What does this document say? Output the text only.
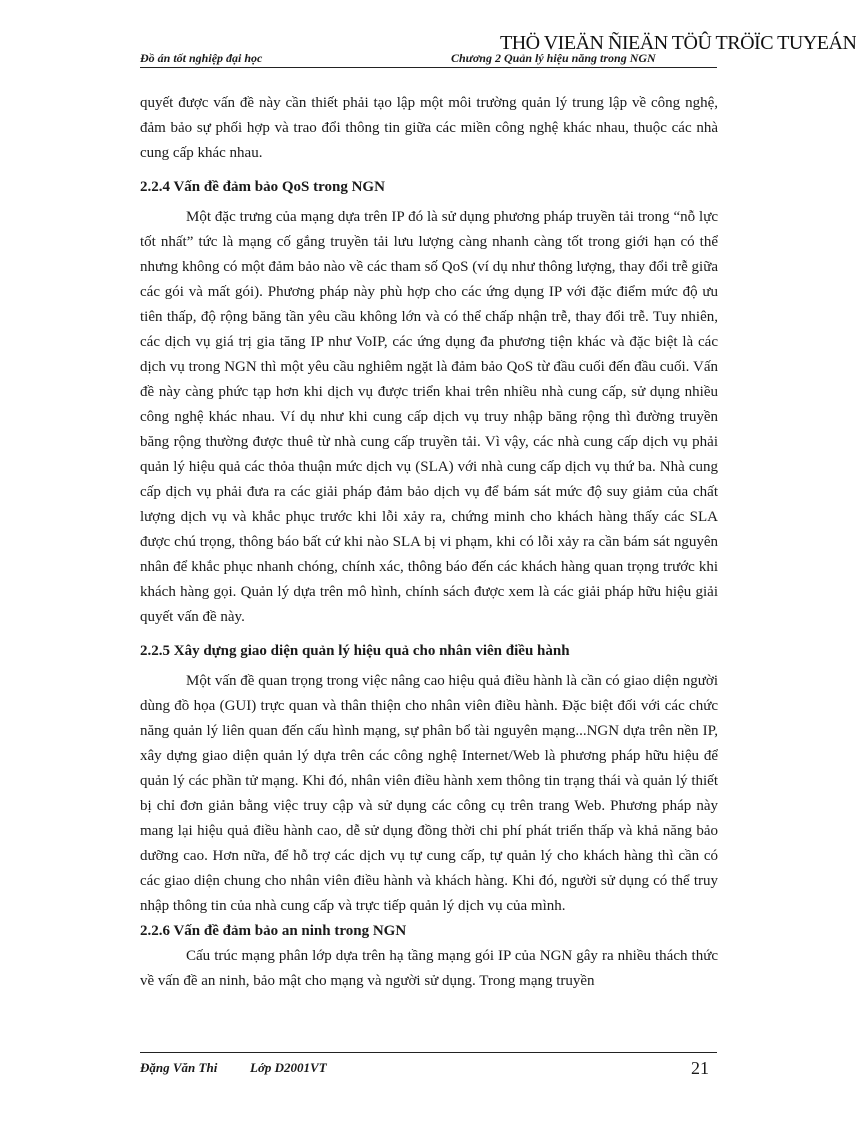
THÖ VIEÄN ÑIEÄN TÖÛ TRÖÏC TUYEÁN
Đồ án tốt nghiệp đại học	Chương 2 Quản lý hiệu năng trong NGN

quyết được vấn đề này cần thiết phải tạo lập một môi trường quản lý trung lập về công nghệ, đảm bảo sự phối hợp và trao đổi thông tin giữa các miền công nghệ khác nhau, thuộc các nhà cung cấp khác nhau.

2.2.4 Vấn đề đảm bảo QoS trong NGN

Một đặc trưng của mạng dựa trên IP đó là sử dụng phương pháp truyền tải trong “nỗ lực tốt nhất” tức là mạng cố gắng truyền tải lưu lượng càng nhanh càng tốt trong giới hạn có thể nhưng không có một đảm bảo nào về các tham số QoS (ví dụ như thông lượng, thay đổi trễ giữa các gói và mất gói). Phương pháp này phù hợp cho các ứng dụng IP với đặc điểm mức độ ưu tiên thấp, độ rộng băng tần yêu cầu không lớn và có thể chấp nhận trễ, thay đổi trễ. Tuy nhiên, các dịch vụ giá trị gia tăng IP như VoIP, các ứng dụng đa phương tiện khác và đặc biệt là các dịch vụ trong NGN thì một yêu cầu nghiêm ngặt là đảm bảo QoS từ đầu cuối đến đầu cuối. Vấn đề này càng phức tạp hơn khi dịch vụ được triển khai trên nhiều nhà cung cấp, sử dụng nhiều công nghệ khác nhau. Ví dụ như khi cung cấp dịch vụ truy nhập băng rộng thì đường truyền băng rộng thường được thuê từ nhà cung cấp truyền tải. Vì vậy, các nhà cung cấp dịch vụ phải quản lý hiệu quả các thỏa thuận mức dịch vụ (SLA) với nhà cung cấp dịch vụ thứ ba. Nhà cung cấp dịch vụ phải đưa ra các giải pháp đảm bảo dịch vụ để bám sát mức độ suy giảm của chất lượng dịch vụ và khắc phục trước khi lỗi xảy ra, chứng minh cho khách hàng thấy các SLA được chú trọng, thông báo bất cứ khi nào SLA bị vi phạm, khi có lỗi xảy ra cần bám sát nguyên nhân để khắc phục nhanh chóng, chính xác, thông báo đến các khách hàng quan trọng trước khi khách hàng gọi. Quản lý dựa trên mô hình, chính sách được xem là các giải pháp hữu hiệu giải quyết vấn đề này.

2.2.5 Xây dựng giao diện quản lý hiệu quả cho nhân viên điều hành

Một vấn đề quan trọng trong việc nâng cao hiệu quả điều hành là cần có giao diện người dùng đồ họa (GUI) trực quan và thân thiện cho nhân viên điều hành. Đặc biệt đối với các chức năng quản lý liên quan đến cấu hình mạng, sự phân bổ tài nguyên mạng...NGN dựa trên nền IP, xây dựng giao diện quản lý dựa trên các công nghệ Internet/Web là phương pháp hữu hiệu để quản lý các phần tử mạng. Khi đó, nhân viên điều hành xem thông tin trạng thái và quản lý thiết bị chỉ đơn giản bằng việc truy cập và sử dụng các công cụ trên trang Web. Phương pháp này mang lại hiệu quả điều hành cao, dễ sử dụng đồng thời chi phí phát triển thấp và khả năng bảo dưỡng cao. Hơn nữa, để hỗ trợ các dịch vụ tự cung cấp, tự quản lý cho khách hàng thì cần có các giao diện chung cho nhân viên điều hành và khách hàng. Khi đó, người sử dụng có thể truy nhập thông tin của nhà cung cấp và trực tiếp quản lý dịch vụ của mình.

2.2.6 Vấn đề đảm bảo an ninh trong NGN

Cấu trúc mạng phân lớp dựa trên hạ tầng mạng gói IP của NGN gây ra nhiều thách thức về vấn đề an ninh, bảo mật cho mạng và người sử dụng. Trong mạng truyền

Đặng Văn Thi	Lớp D2001VT	21
